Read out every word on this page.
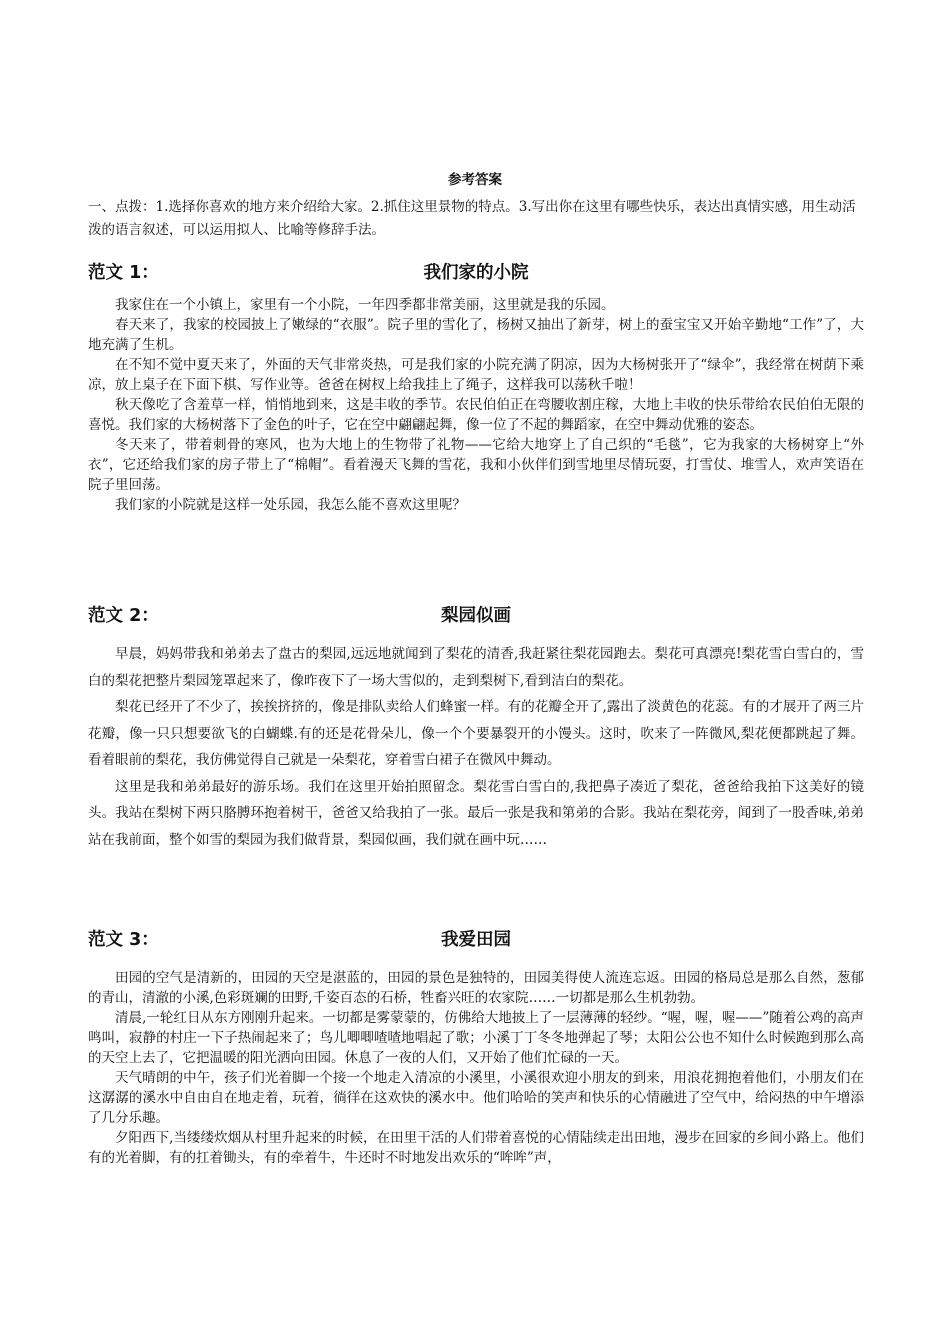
参考答案
一、点拨：1.选择你喜欢的地方来介绍给大家。2.抓住这里景物的特点。3.写出你在这里有哪些快乐，表达出真情实感，用生动活泼的语言叙述，可以运用拟人、比喻等修辞手法。
范文 1：	我们家的小院

我家住在一个小镇上，家里有一个小院，一年四季都非常美丽，这里就是我的乐园。

春天来了，我家的校园披上了嫩绿的“衣服”。院子里的雪化了，杨树又抽出了新芽，树上的蚕宝宝又开始辛勤地“工作”了，大地充满了生机。

在不知不觉中夏天来了，外面的天气非常炎热，可是我们家的小院充满了阴凉，因为大杨树张开了“绿伞”，我经常在树荫下乘凉，放上桌子在下面下棋、写作业等。爸爸在树杈上给我挂上了绳子，这样我可以荡秋千啦！

秋天像吃了含羞草一样，悄悄地到来，这是丰收的季节。农民伯伯正在弯腰收割庄稼，大地上丰收的快乐带给农民伯伯无限的喜悦。我们家的大杨树落下了金色的叶子，它在空中翩翩起舞，像一位了不起的舞蹈家，在空中舞动优雅的姿态。

冬天来了，带着刺骨的寒风，也为大地上的生物带了礼物——它给大地穿上了自己织的“毛毯”，它为我家的大杨树穿上“外衣”，它还给我们家的房子带上了“棉帽”。看着漫天飞舞的雪花，我和小伙伴们到雪地里尽情玩耍，打雪仗、堆雪人，欢声笑语在院子里回荡。

我们家的小院就是这样一处乐园，我怎么能不喜欢这里呢？

范文 2：	梨园似画

早晨，妈妈带我和弟弟去了盘古的梨园,远远地就闻到了梨花的清香,我赶紧往梨花园跑去。梨花可真漂亮!梨花雪白雪白的，雪白的梨花把整片梨园笼罩起来了，像昨夜下了一场大雪似的，走到梨树下,看到洁白的梨花。

梨花已经开了不少了，挨挨挤挤的，像是排队卖给人们蜂蜜一样。有的花瓣全开了,露出了淡黄色的花蕊。有的才展开了两三片花瓣，像一只只想要欲飞的白蝴蝶.有的还是花骨朵儿，像一个个要暴裂开的小馒头。这时，吹来了一阵微风,梨花便都跳起了舞。看着眼前的梨花，我仿佛觉得自己就是一朵梨花，穿着雪白裙子在微风中舞动。

这里是我和弟弟最好的游乐场。我们在这里开始拍照留念。梨花雪白雪白的,我把鼻子凑近了梨花，爸爸给我拍下这美好的镜头。我站在梨树下两只胳膊环抱着树干，爸爸又给我拍了一张。最后一张是我和第弟的合影。我站在梨花旁，闻到了一股香味,弟弟站在我前面，整个如雪的梨园为我们做背景，梨园似画，我们就在画中玩……

范文 3：	我爱田园

田园的空气是清新的，田园的天空是湛蓝的，田园的景色是独特的，田园美得使人流连忘返。田园的格局总是那么自然，葱郁的青山，清澈的小溪,色彩斑斓的田野,千姿百态的石桥，牲畜兴旺的农家院……一切都是那么生机勃勃。

清晨,一轮红日从东方刚刚升起来。一切都是雾蒙蒙的，仿佛给大地披上了一层薄薄的轻纱。“喔，喔，喔——”随着公鸡的高声鸣叫，寂静的村庄一下子热闹起来了；鸟儿唧唧喳喳地唱起了歌；小溪丁丁冬冬地弹起了琴；太阳公公也不知什么时候跑到那么高的天空上去了，它把温暖的阳光洒向田园。休息了一夜的人们，又开始了他们忙碌的一天。

天气晴朗的中午，孩子们光着脚一个接一个地走入清凉的小溪里，小溪很欢迎小朋友的到来，用浪花拥抱着他们，小朋友们在这潺潺的溪水中自由自在地走着，玩着，徜徉在这欢快的溪水中。他们哈哈的笑声和快乐的心情融进了空气中，给闷热的中午增添了几分乐趣。

夕阳西下,当缕缕炊烟从村里升起来的时候，在田里干活的人们带着喜悦的心情陆续走出田地，漫步在回家的乡间小路上。他们有的光着脚，有的扛着锄头，有的牵着牛，牛还时不时地发出欢乐的“哞哞”声，
